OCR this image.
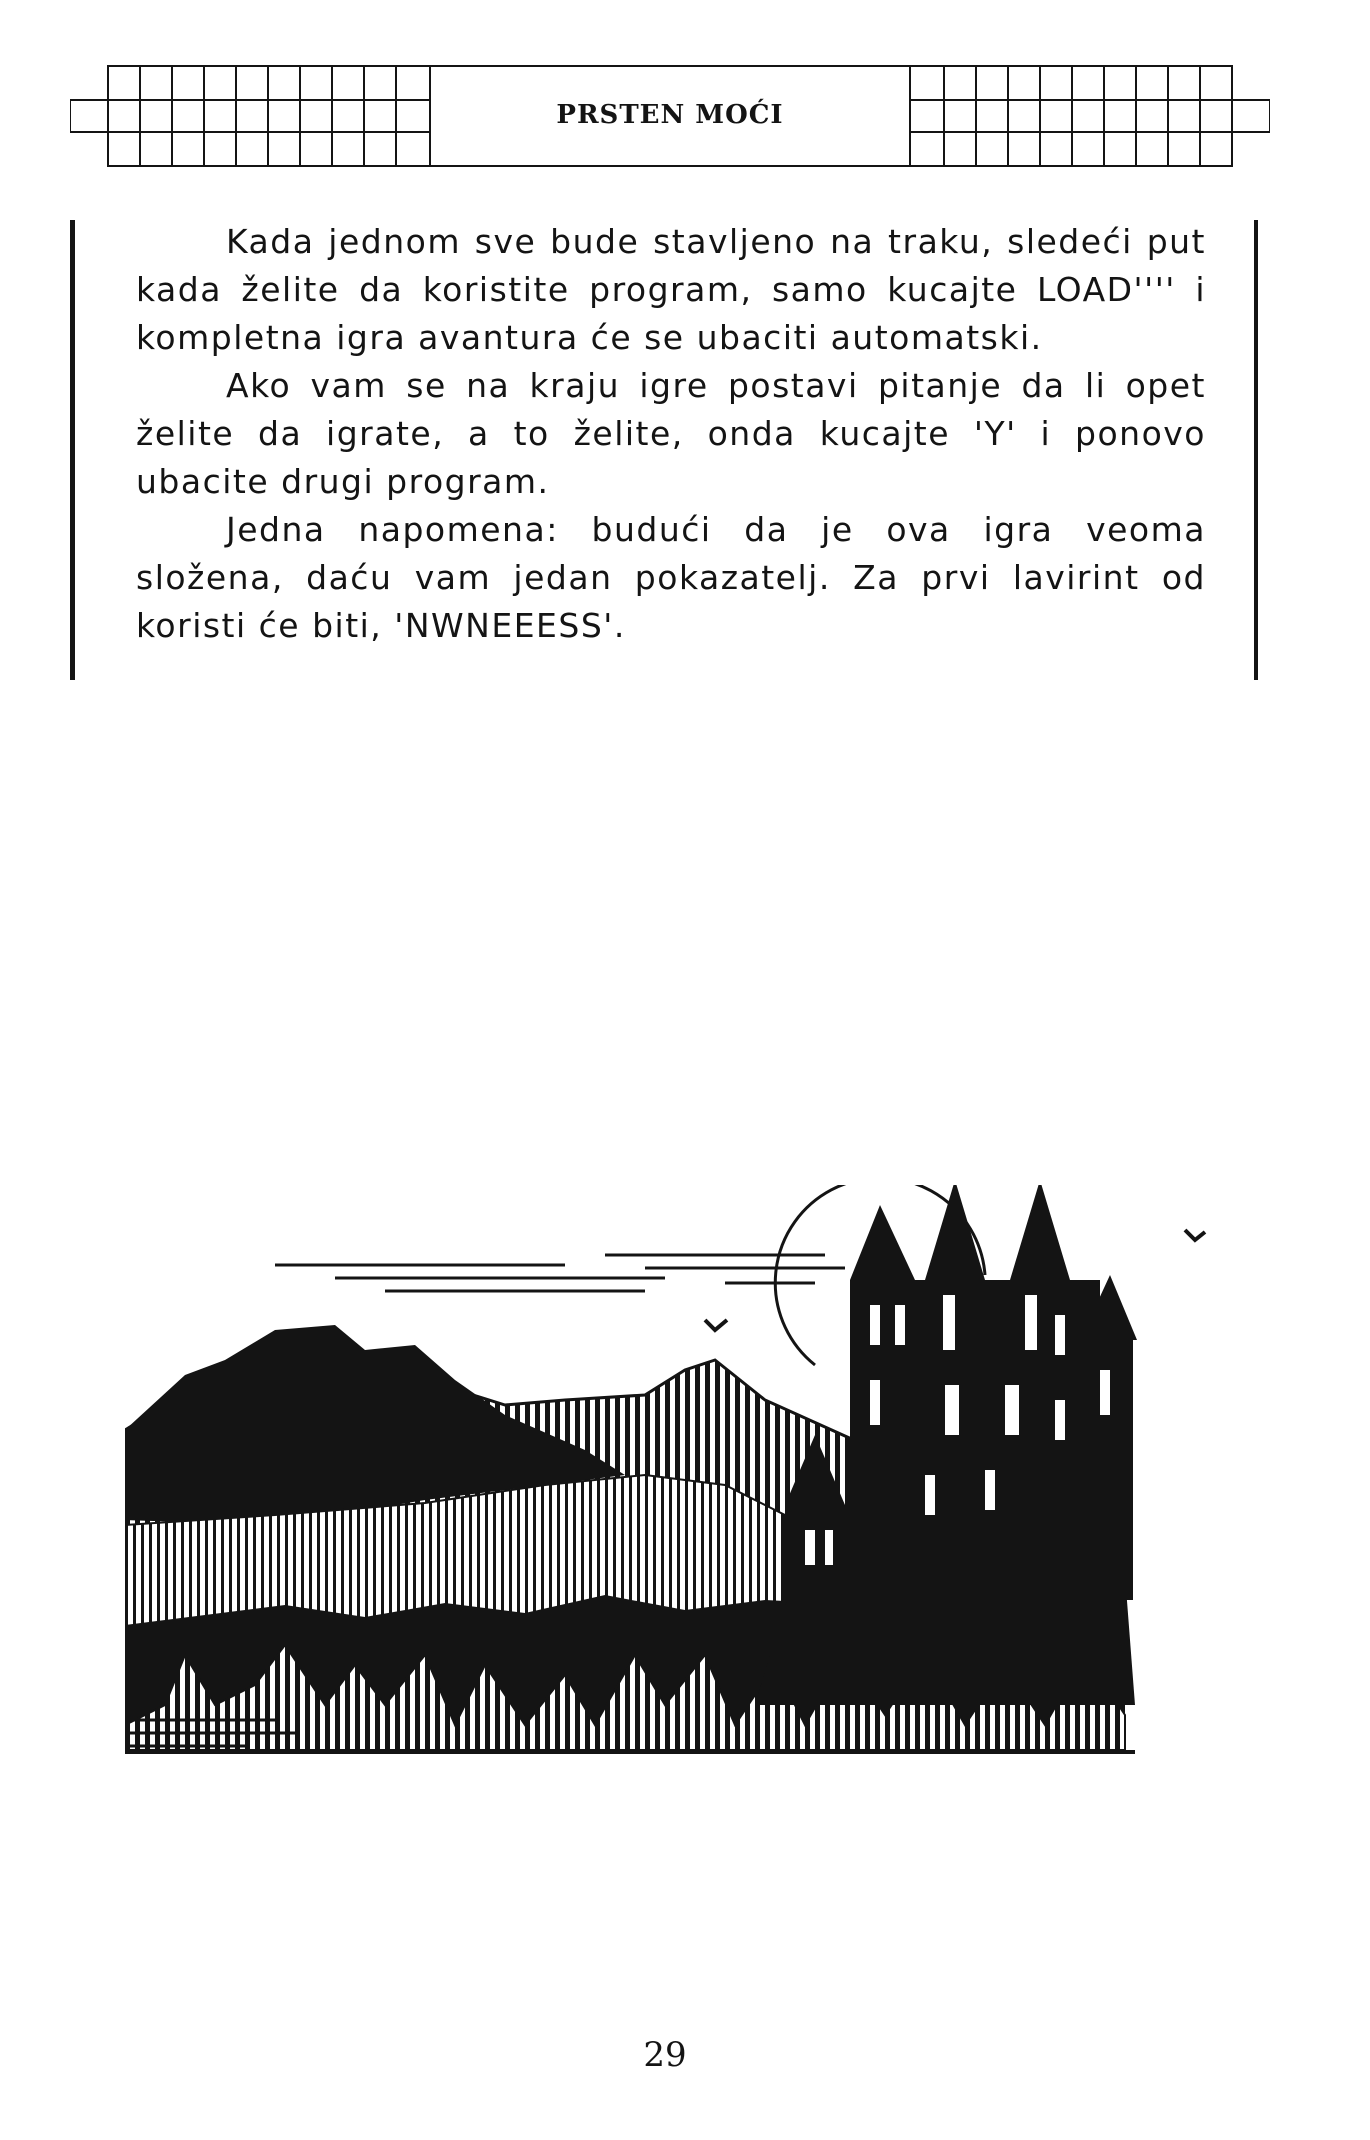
PRSTEN MOĆI

Kada jednom sve bude stavljeno na traku, sledeći put kada želite da koristite program, samo kucajte LOAD'''' i kompletna igra avantura će se ubaciti automatski.

Ako vam se na kraju igre postavi pitanje da li opet želite da igrate, a to želite, onda kucajte 'Y' i ponovo ubacite drugi program.

Jedna napomena: budući da je ova igra veoma složena, daću vam jedan pokazatelj. Za prvi lavirint od koristi će biti, 'NWNEEESS'.

29
